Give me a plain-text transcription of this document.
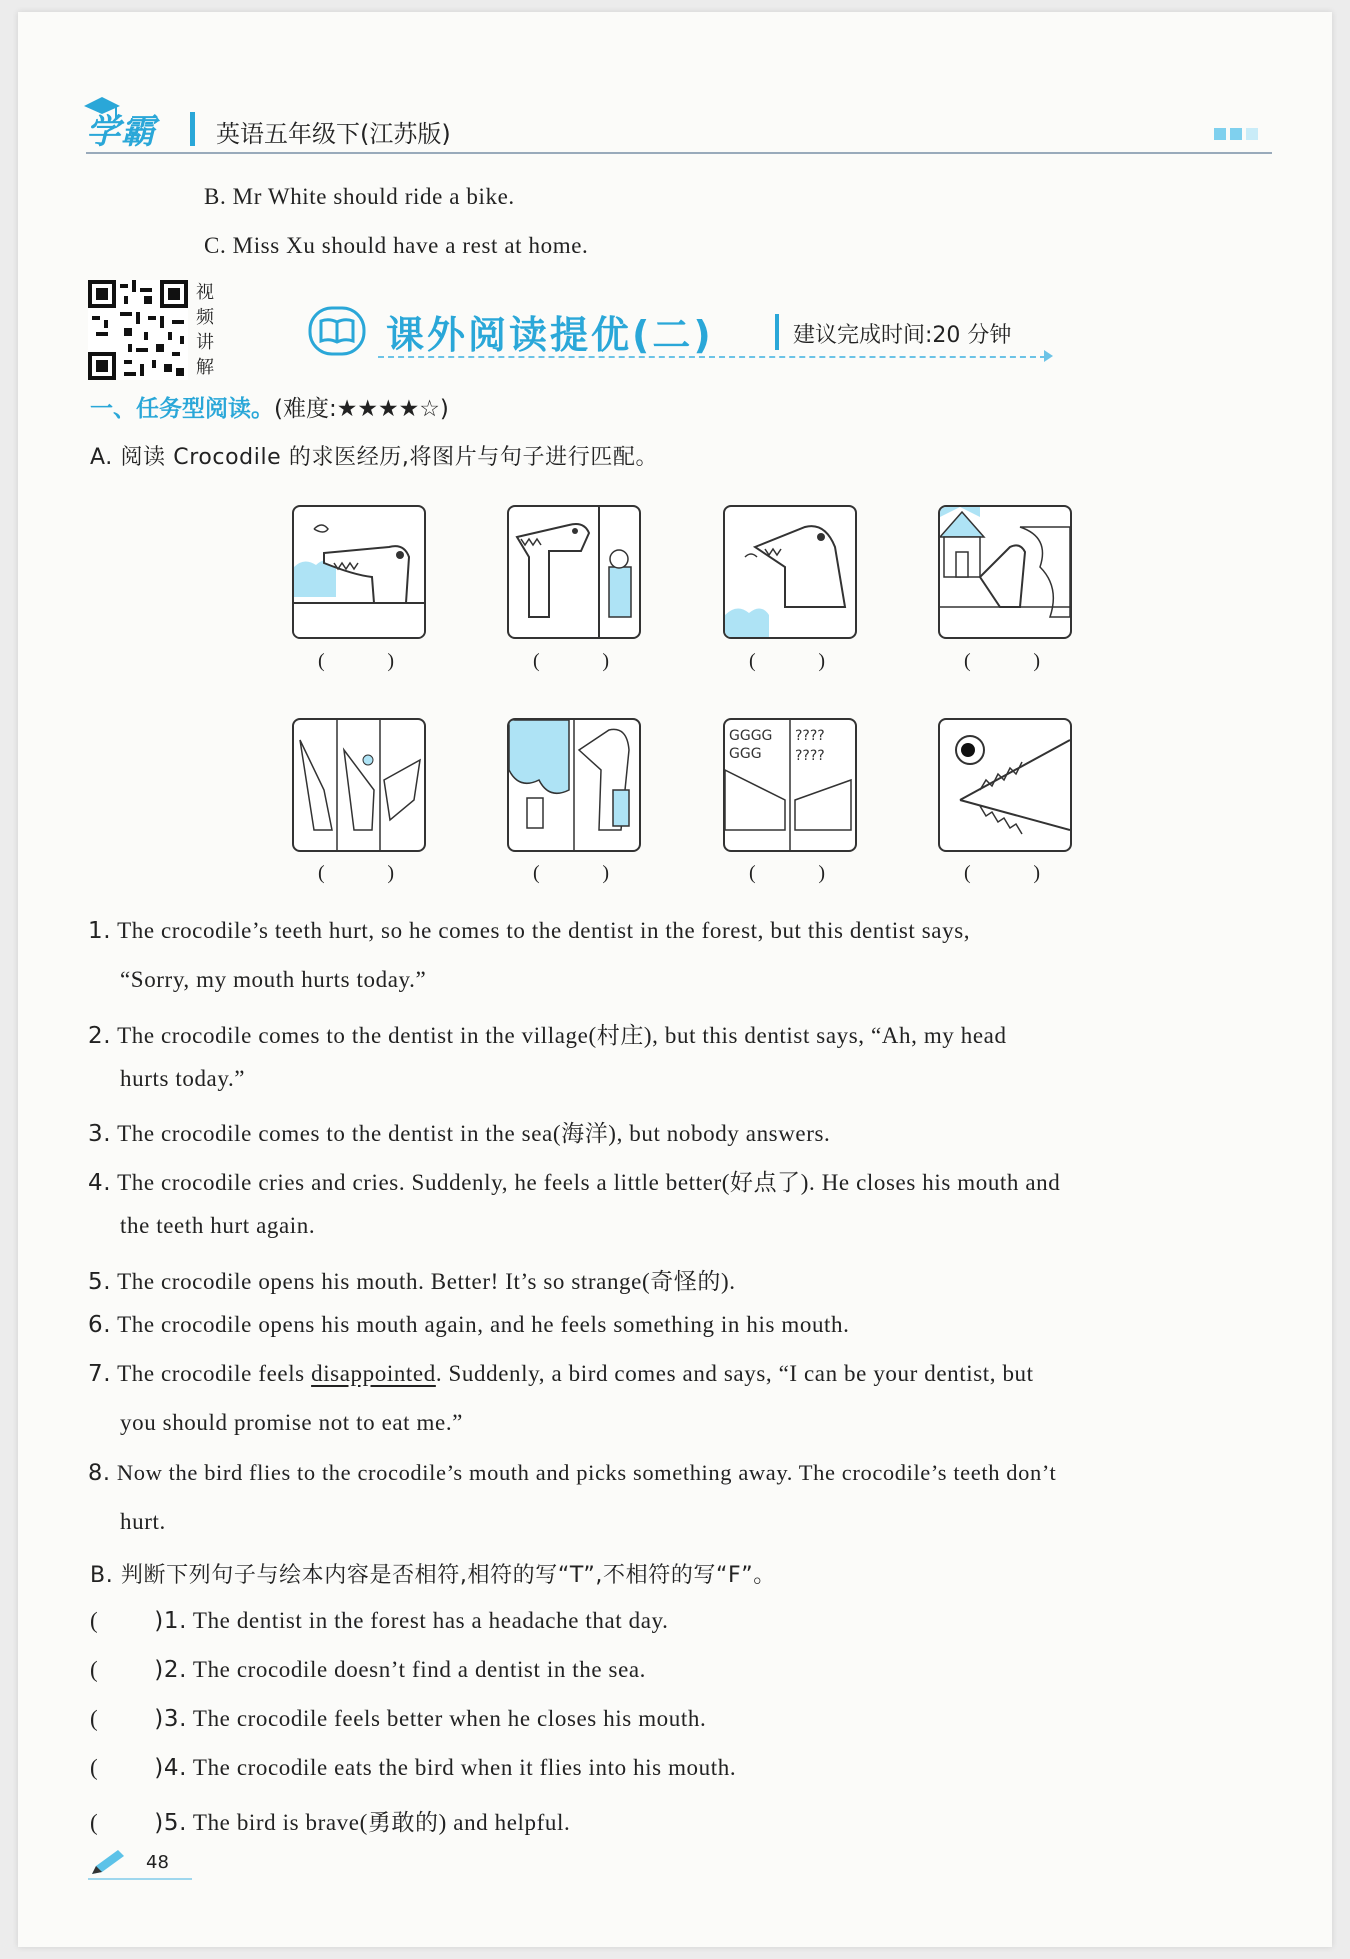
学霸	英语五年级下(江苏版)
B. Mr White should ride a bike.
C. Miss Xu should have a rest at home.
视
频
讲
解
课外阅读提优(二)	建议完成时间:20 分钟
一、任务型阅读。(难度:★★★★☆)
A. 阅读 Crocodile 的求医经历,将图片与句子进行匹配。
(	)	(	)	(	)	(	)
GGGG
GGG
????
????
(	)	(	)	(	)	(	)
1. The crocodile’s teeth hurt, so he comes to the dentist in the forest, but this dentist says,
“Sorry, my mouth hurts today.”
2. The crocodile comes to the dentist in the village(村庄), but this dentist says, “Ah, my head
hurts today.”
3. The crocodile comes to the dentist in the sea(海洋), but nobody answers.
4. The crocodile cries and cries. Suddenly, he feels a little better(好点了). He closes his mouth and
the teeth hurt again.
5. The crocodile opens his mouth. Better! It’s so strange(奇怪的).
6. The crocodile opens his mouth again, and he feels something in his mouth.
7. The crocodile feels disappointed. Suddenly, a bird comes and says, “I can be your dentist, but
you should promise not to eat me.”
8. Now the bird flies to the crocodile’s mouth and picks something away. The crocodile’s teeth don’t
hurt.
B. 判断下列句子与绘本内容是否相符,相符的写“T”,不相符的写“F”。
( )1. The dentist in the forest has a headache that day.
( )2. The crocodile doesn’t find a dentist in the sea.
( )3. The crocodile feels better when he closes his mouth.
( )4. The crocodile eats the bird when it flies into his mouth.
( )5. The bird is brave(勇敢的) and helpful.
48
